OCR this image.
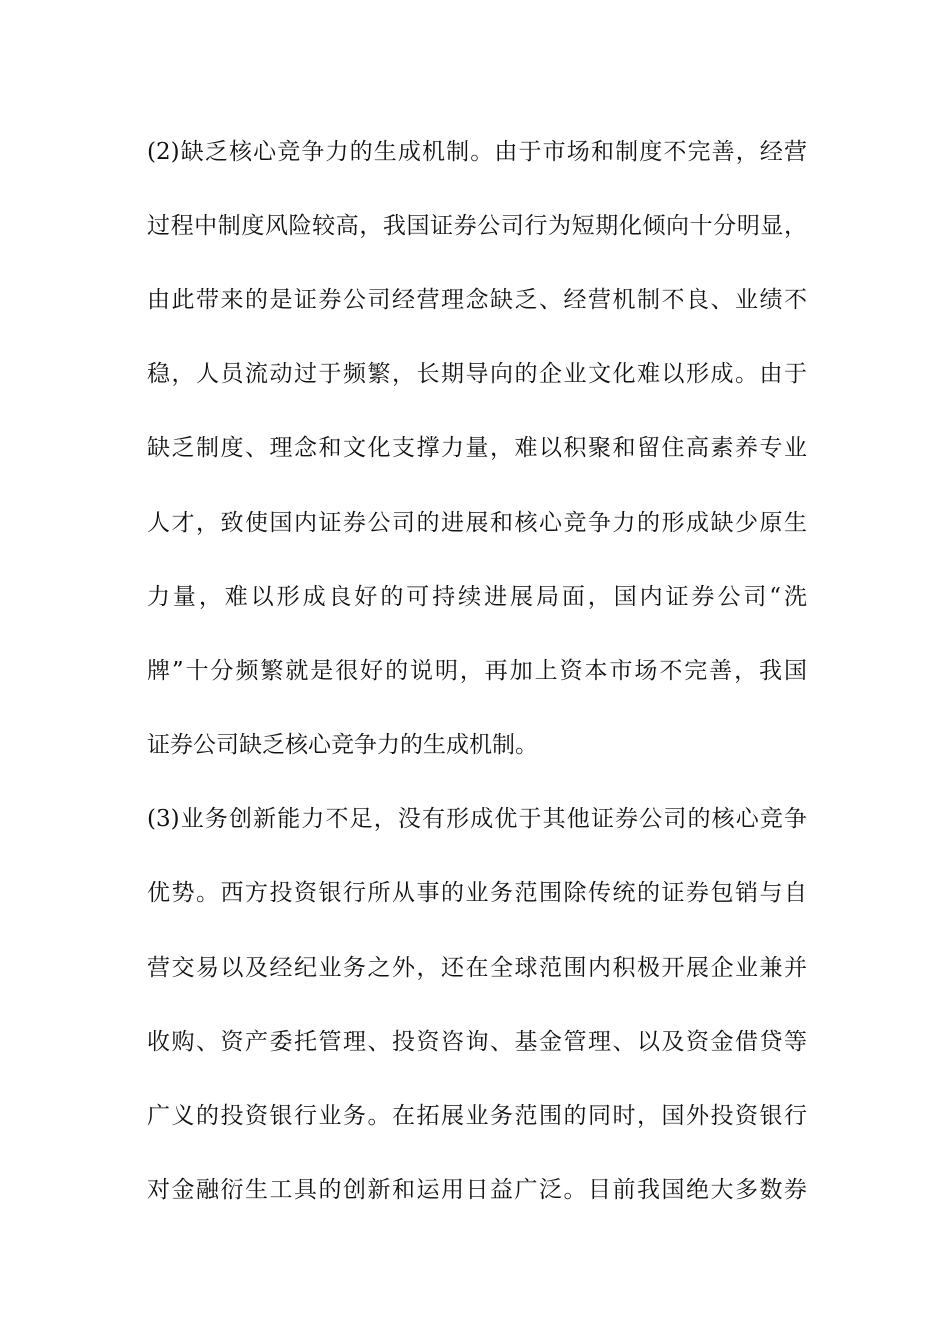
(2)缺乏核心竞争力的生成机制。由于市场和制度不完善，经营
过程中制度风险较高，我国证券公司行为短期化倾向十分明显，
由此带来的是证券公司经营理念缺乏、经营机制不良、业绩不
稳，人员流动过于频繁，长期导向的企业文化难以形成。由于
缺乏制度、理念和文化支撑力量，难以积聚和留住高素养专业
人才，致使国内证券公司的进展和核心竞争力的形成缺少原生
力量，难以形成良好的可持续进展局面，国内证券公司“洗
牌”十分频繁就是很好的说明，再加上资本市场不完善，我国
证券公司缺乏核心竞争力的生成机制。
(3)业务创新能力不足，没有形成优于其他证券公司的核心竞争
优势。西方投资银行所从事的业务范围除传统的证券包销与自
营交易以及经纪业务之外，还在全球范围内积极开展企业兼并
收购、资产委托管理、投资咨询、基金管理、以及资金借贷等
广义的投资银行业务。在拓展业务范围的同时，国外投资银行
对金融衍生工具的创新和运用日益广泛。目前我国绝大多数券
